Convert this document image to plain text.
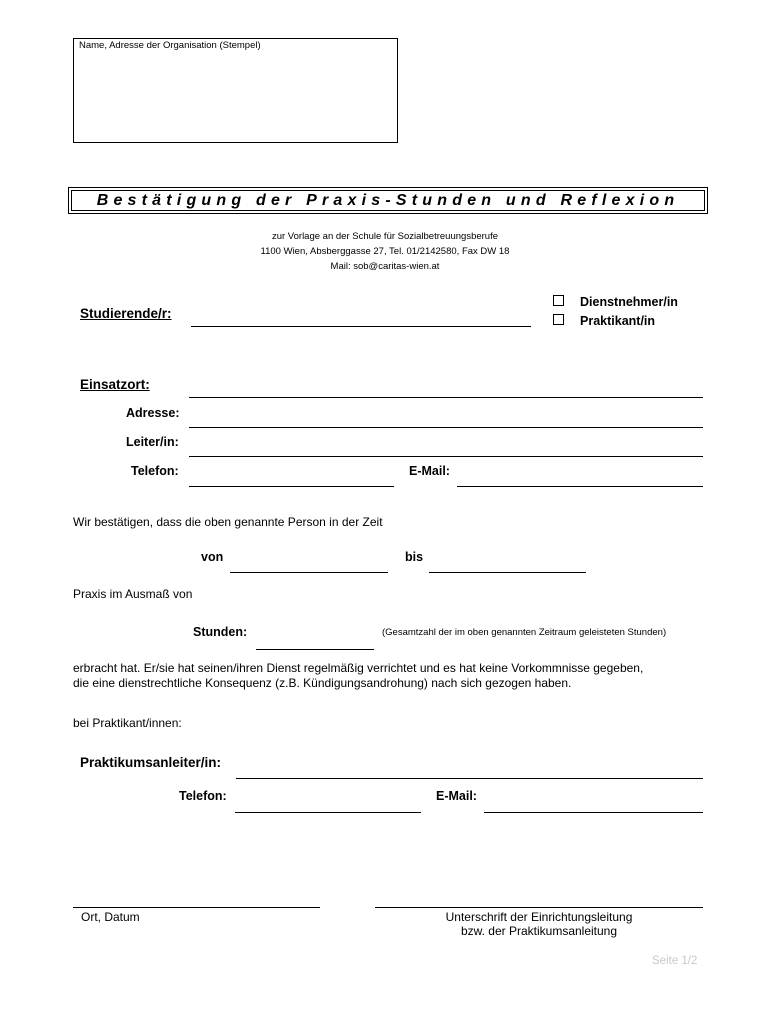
Name, Adresse der Organisation (Stempel)
Bestätigung der Praxis-Stunden und Reflexion
zur Vorlage an der Schule für Sozialbetreuungsberufe
1100 Wien, Absberggasse 27, Tel. 01/2142580, Fax DW 18
Mail: sob@caritas-wien.at
Studierende/r:
Dienstnehmer/in
Praktikant/in
Einsatzort:
Adresse:
Leiter/in:
Telefon:	E-Mail:
Wir bestätigen, dass die oben genannte Person in der Zeit
von	bis
Praxis im Ausmaß von
Stunden:	(Gesamtzahl der im oben genannten Zeitraum geleisteten Stunden)
erbracht hat. Er/sie hat seinen/ihren Dienst regelmäßig verrichtet und es hat keine Vorkommnisse gegeben,
die eine dienstrechtliche Konsequenz (z.B. Kündigungsandrohung) nach sich gezogen haben.
bei Praktikant/innen:
Praktikumsanleiter/in:
Telefon:	E-Mail:
Ort, Datum	Unterschrift der Einrichtungsleitung
bzw. der Praktikumsanleitung
Seite 1/2
